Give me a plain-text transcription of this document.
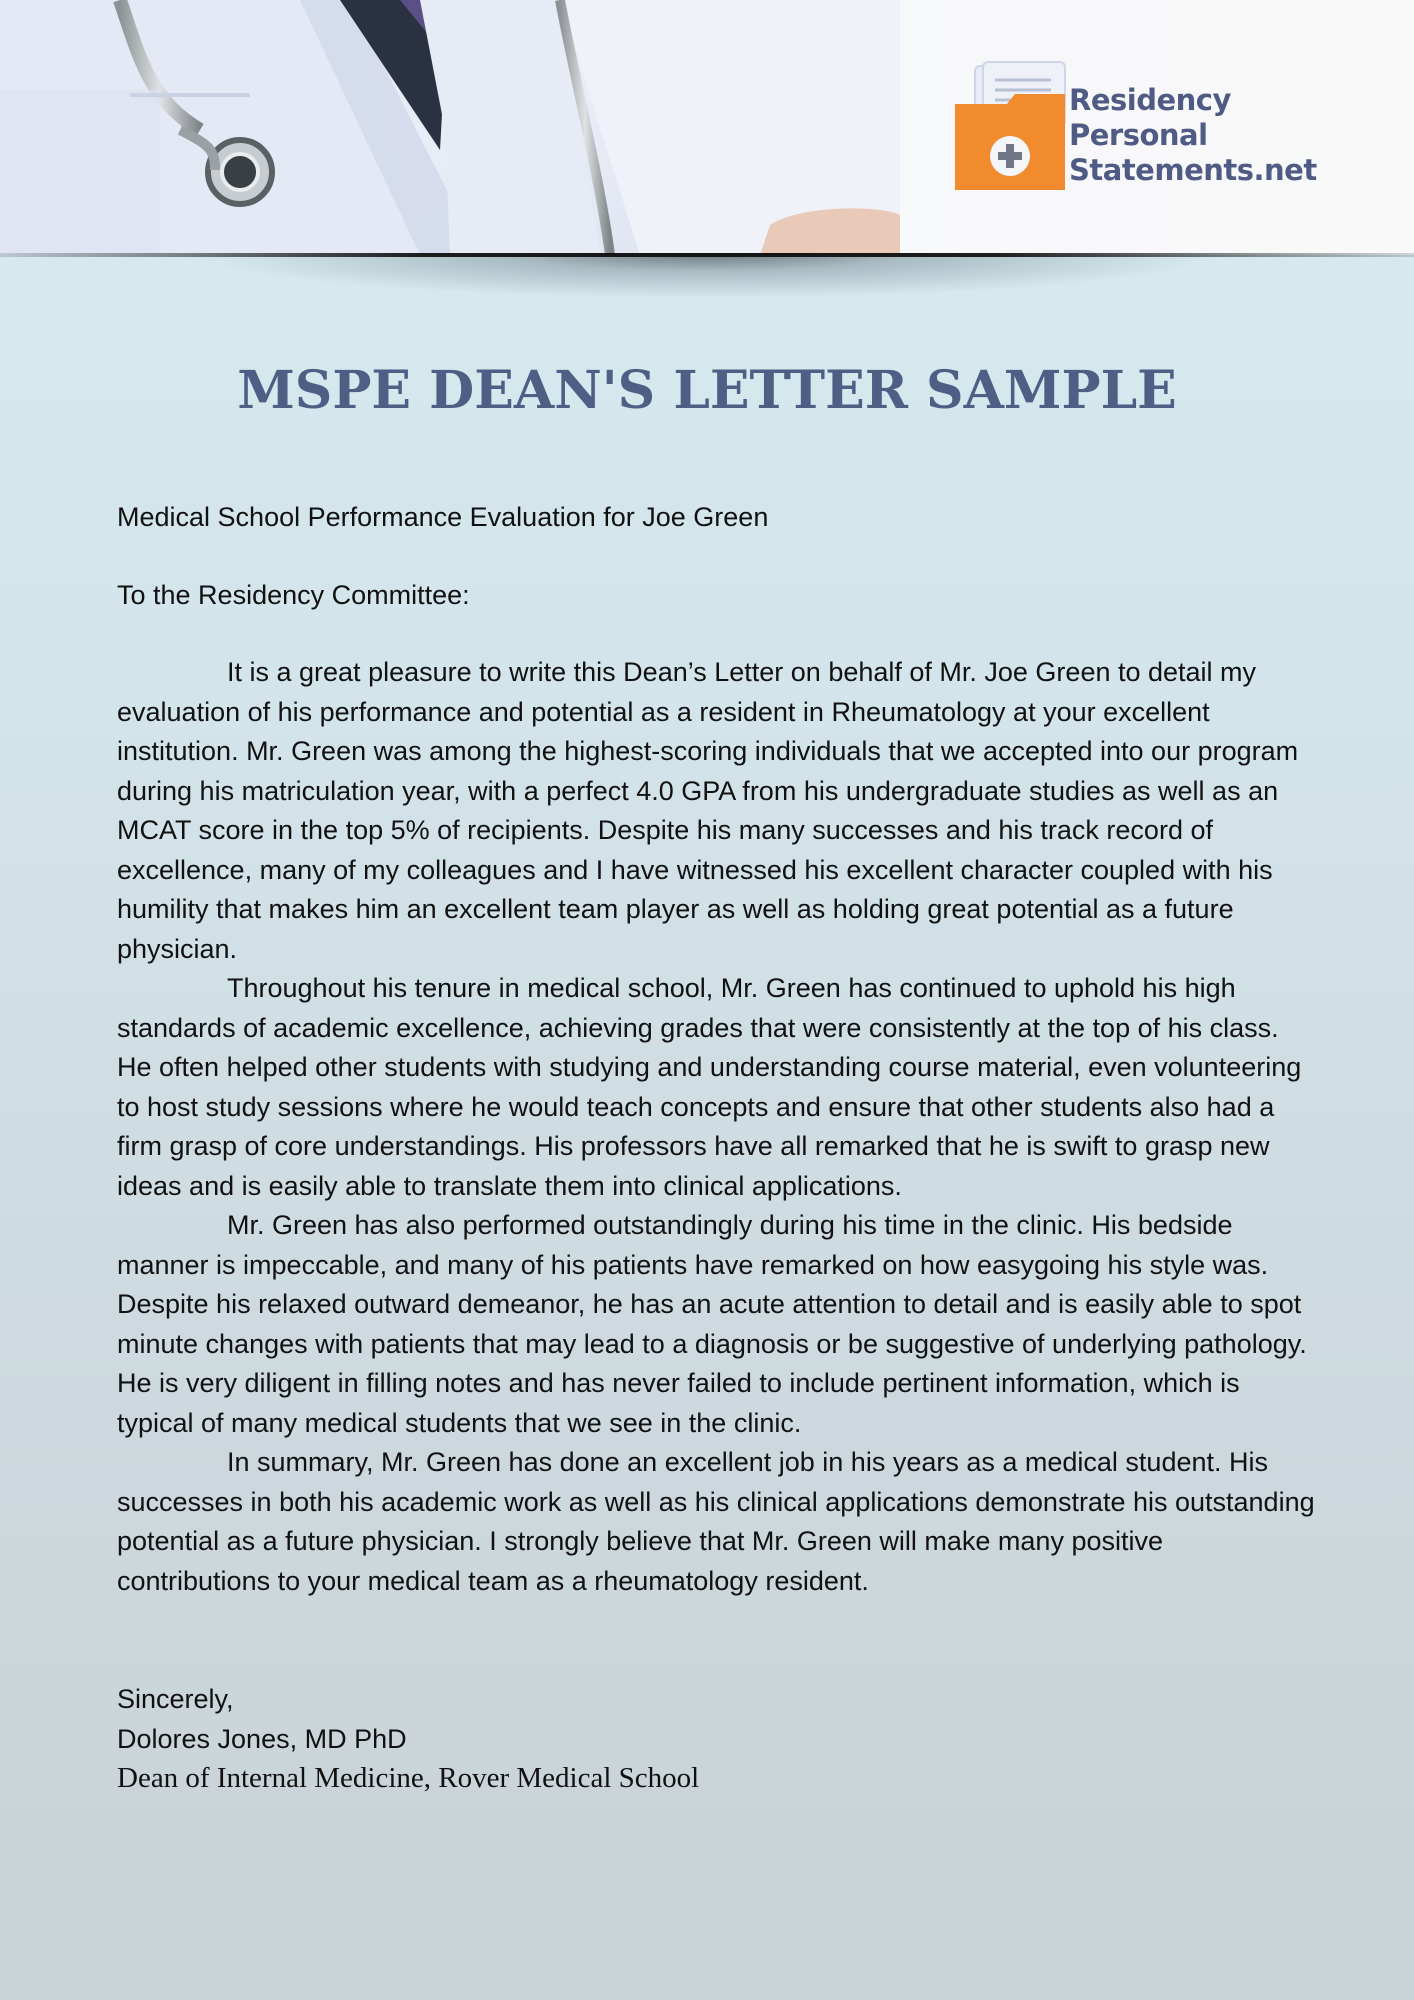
Residency
Personal
Statements.net
MSPE DEAN'S LETTER SAMPLE

Medical School Performance Evaluation for Joe Green

To the Residency Committee:

It is a great pleasure to write this Dean’s Letter on behalf of Mr. Joe Green to detail my evaluation of his performance and potential as a resident in Rheumatology at your excellent institution. Mr. Green was among the highest-scoring individuals that we accepted into our program during his matriculation year, with a perfect 4.0 GPA from his undergraduate studies as well as an MCAT score in the top 5% of recipients. Despite his many successes and his track record of excellence, many of my colleagues and I have witnessed his excellent character coupled with his humility that makes him an excellent team player as well as holding great potential as a future physician.

Throughout his tenure in medical school, Mr. Green has continued to uphold his high standards of academic excellence, achieving grades that were consistently at the top of his class. He often helped other students with studying and understanding course material, even volunteering to host study sessions where he would teach concepts and ensure that other students also had a firm grasp of core understandings. His professors have all remarked that he is swift to grasp new ideas and is easily able to translate them into clinical applications.

Mr. Green has also performed outstandingly during his time in the clinic. His bedside manner is impeccable, and many of his patients have remarked on how easygoing his style was. Despite his relaxed outward demeanor, he has an acute attention to detail and is easily able to spot minute changes with patients that may lead to a diagnosis or be suggestive of underlying pathology. He is very diligent in filling notes and has never failed to include pertinent information, which is typical of many medical students that we see in the clinic.

In summary, Mr. Green has done an excellent job in his years as a medical student. His successes in both his academic work as well as his clinical applications demonstrate his outstanding potential as a future physician. I strongly believe that Mr. Green will make many positive contributions to your medical team as a rheumatology resident.

Sincerely,

Dolores Jones, MD PhD

Dean of Internal Medicine, Rover Medical School
